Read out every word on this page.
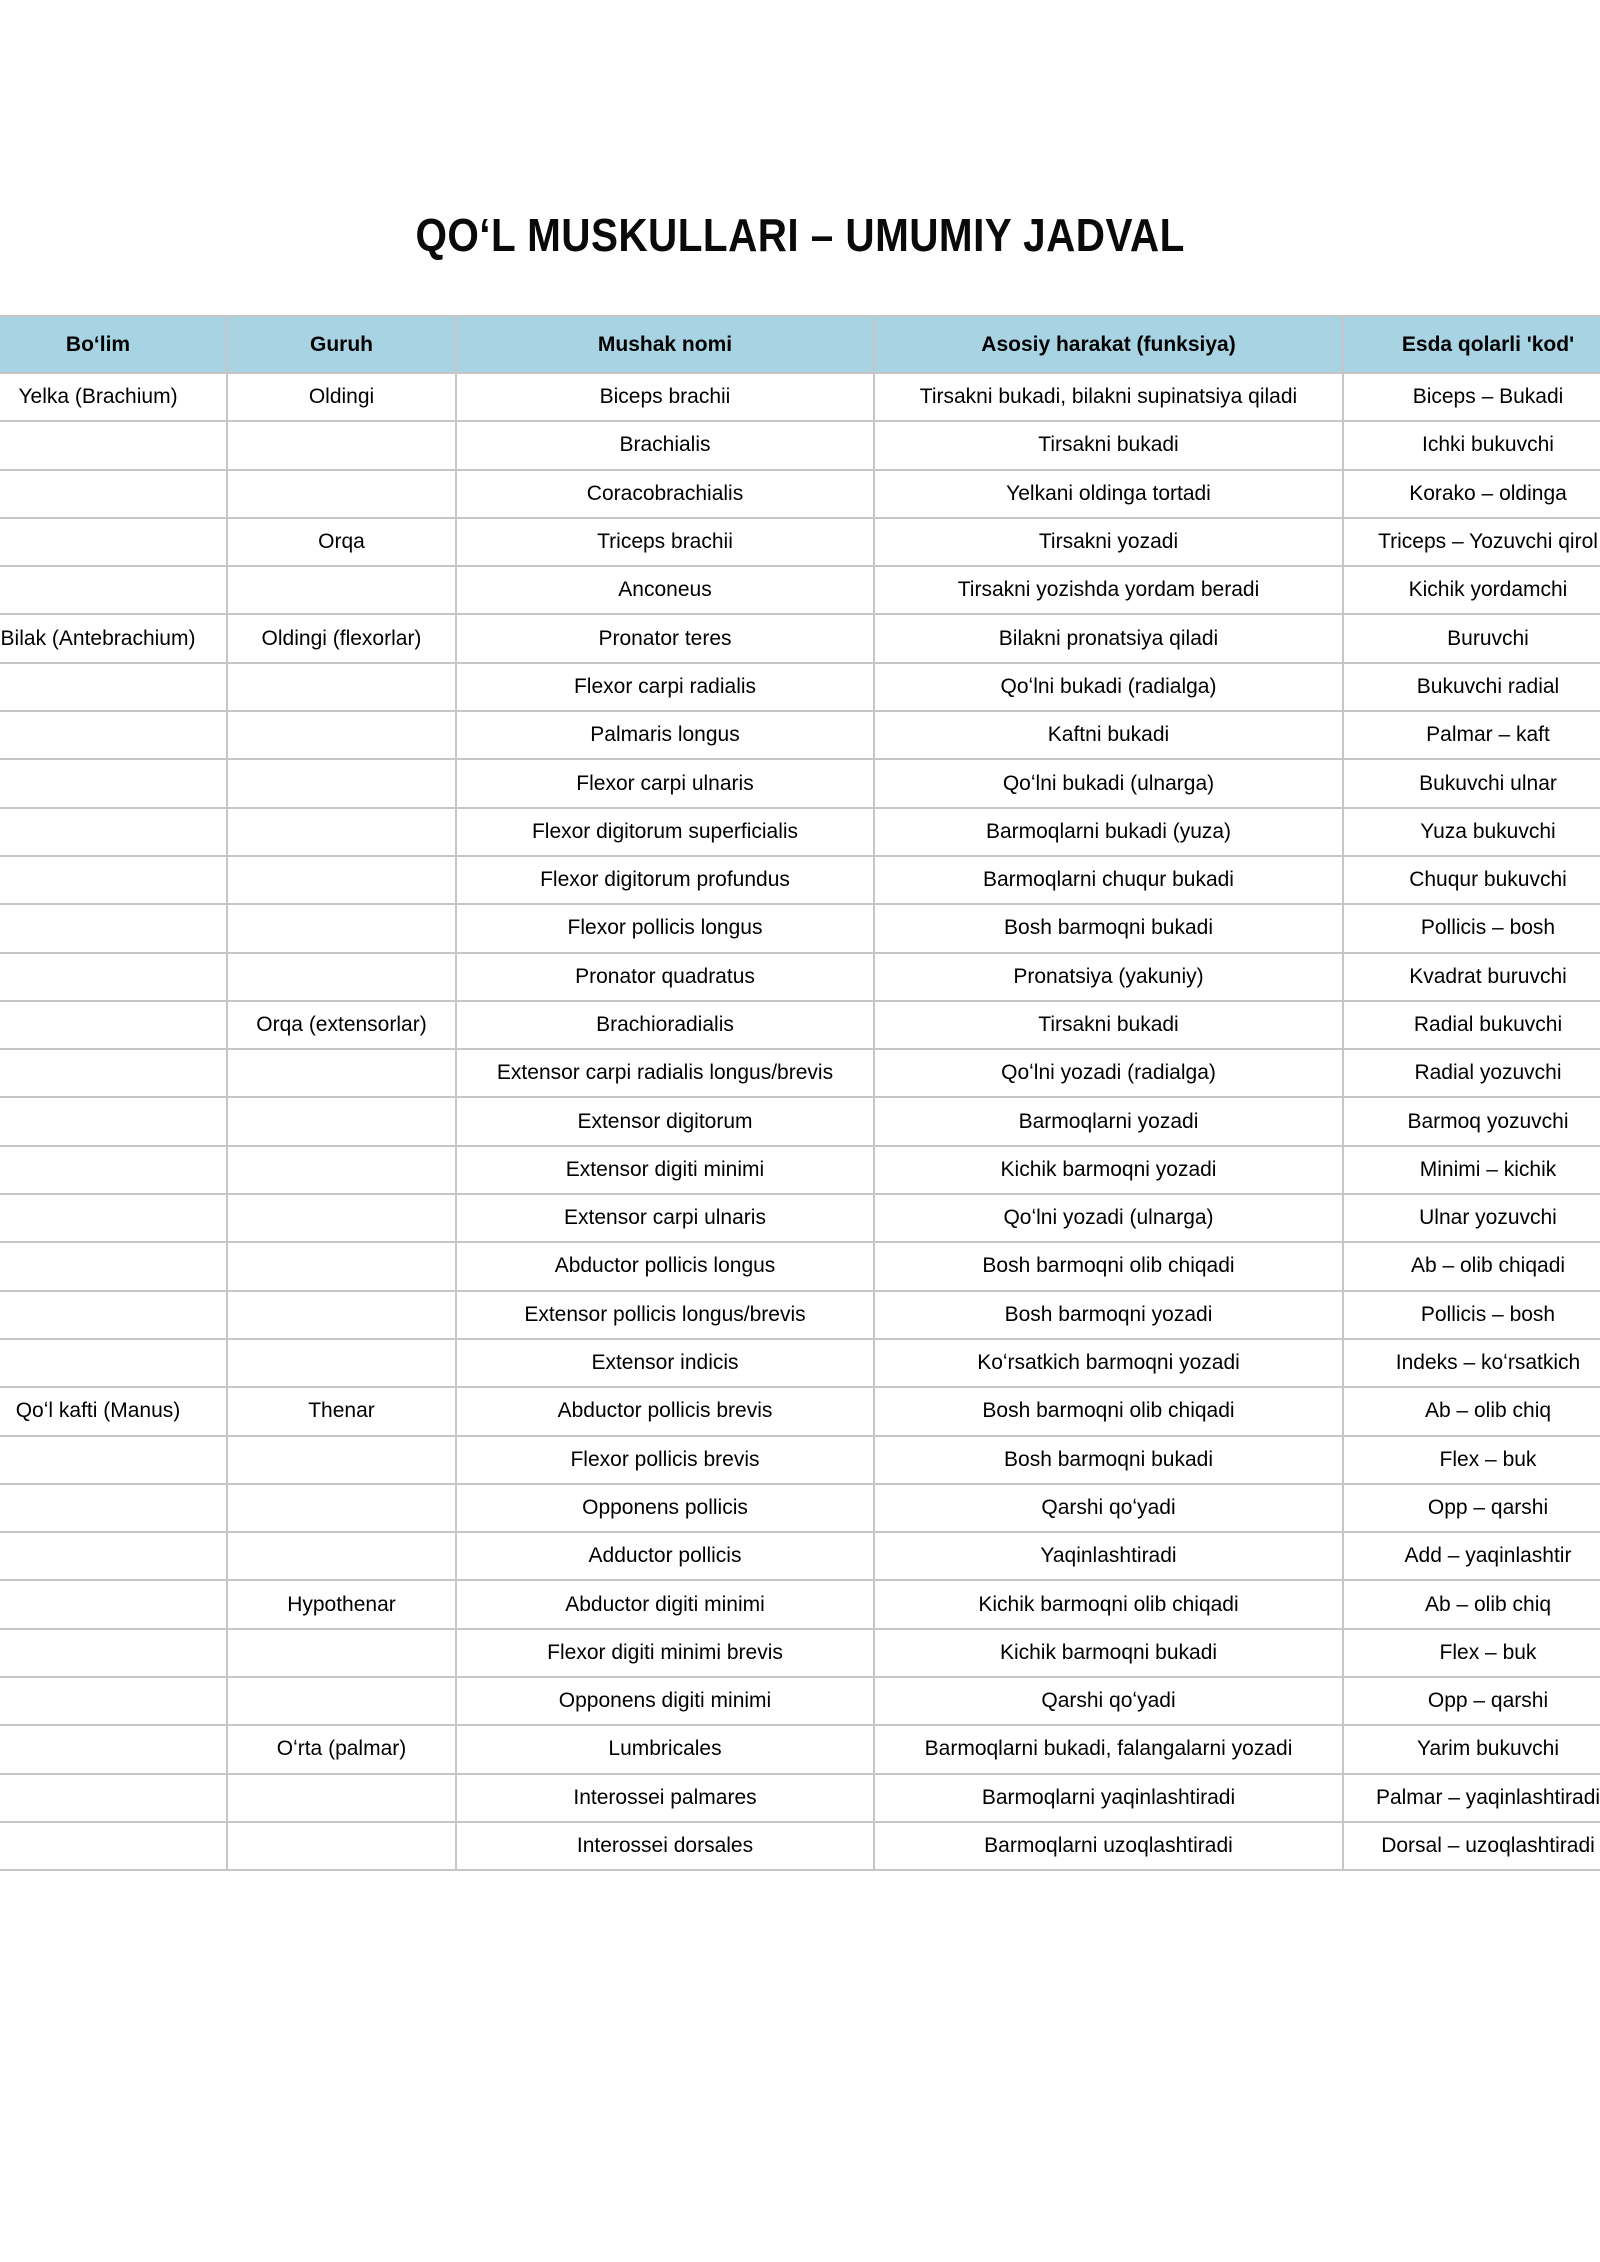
QOʻL MUSKULLARI – UMUMIY JADVAL
Boʻlim	Guruh	Mushak nomi	Asosiy harakat (funksiya)	Esda qolarli 'kod'
Yelka (Brachium)	Oldingi	Biceps brachii	Tirsakni bukadi, bilakni supinatsiya qiladi	Biceps – Bukadi
		Brachialis	Tirsakni bukadi	Ichki bukuvchi
		Coracobrachialis	Yelkani oldinga tortadi	Korako – oldinga
	Orqa	Triceps brachii	Tirsakni yozadi	Triceps – Yozuvchi qirol
		Anconeus	Tirsakni yozishda yordam beradi	Kichik yordamchi
Bilak (Antebrachium)	Oldingi (flexorlar)	Pronator teres	Bilakni pronatsiya qiladi	Buruvchi
		Flexor carpi radialis	Qoʻlni bukadi (radialga)	Bukuvchi radial
		Palmaris longus	Kaftni bukadi	Palmar – kaft
		Flexor carpi ulnaris	Qoʻlni bukadi (ulnarga)	Bukuvchi ulnar
		Flexor digitorum superficialis	Barmoqlarni bukadi (yuza)	Yuza bukuvchi
		Flexor digitorum profundus	Barmoqlarni chuqur bukadi	Chuqur bukuvchi
		Flexor pollicis longus	Bosh barmoqni bukadi	Pollicis – bosh
		Pronator quadratus	Pronatsiya (yakuniy)	Kvadrat buruvchi
	Orqa (extensorlar)	Brachioradialis	Tirsakni bukadi	Radial bukuvchi
		Extensor carpi radialis longus/brevis	Qoʻlni yozadi (radialga)	Radial yozuvchi
		Extensor digitorum	Barmoqlarni yozadi	Barmoq yozuvchi
		Extensor digiti minimi	Kichik barmoqni yozadi	Minimi – kichik
		Extensor carpi ulnaris	Qoʻlni yozadi (ulnarga)	Ulnar yozuvchi
		Abductor pollicis longus	Bosh barmoqni olib chiqadi	Ab – olib chiqadi
		Extensor pollicis longus/brevis	Bosh barmoqni yozadi	Pollicis – bosh
		Extensor indicis	Koʻrsatkich barmoqni yozadi	Indeks – koʻrsatkich
Qoʻl kafti (Manus)	Thenar	Abductor pollicis brevis	Bosh barmoqni olib chiqadi	Ab – olib chiq
		Flexor pollicis brevis	Bosh barmoqni bukadi	Flex – buk
		Opponens pollicis	Qarshi qoʻyadi	Opp – qarshi
		Adductor pollicis	Yaqinlashtiradi	Add – yaqinlashtir
	Hypothenar	Abductor digiti minimi	Kichik barmoqni olib chiqadi	Ab – olib chiq
		Flexor digiti minimi brevis	Kichik barmoqni bukadi	Flex – buk
		Opponens digiti minimi	Qarshi qoʻyadi	Opp – qarshi
	Oʻrta (palmar)	Lumbricales	Barmoqlarni bukadi, falangalarni yozadi	Yarim bukuvchi
		Interossei palmares	Barmoqlarni yaqinlashtiradi	Palmar – yaqinlashtiradi
		Interossei dorsales	Barmoqlarni uzoqlashtiradi	Dorsal – uzoqlashtiradi
